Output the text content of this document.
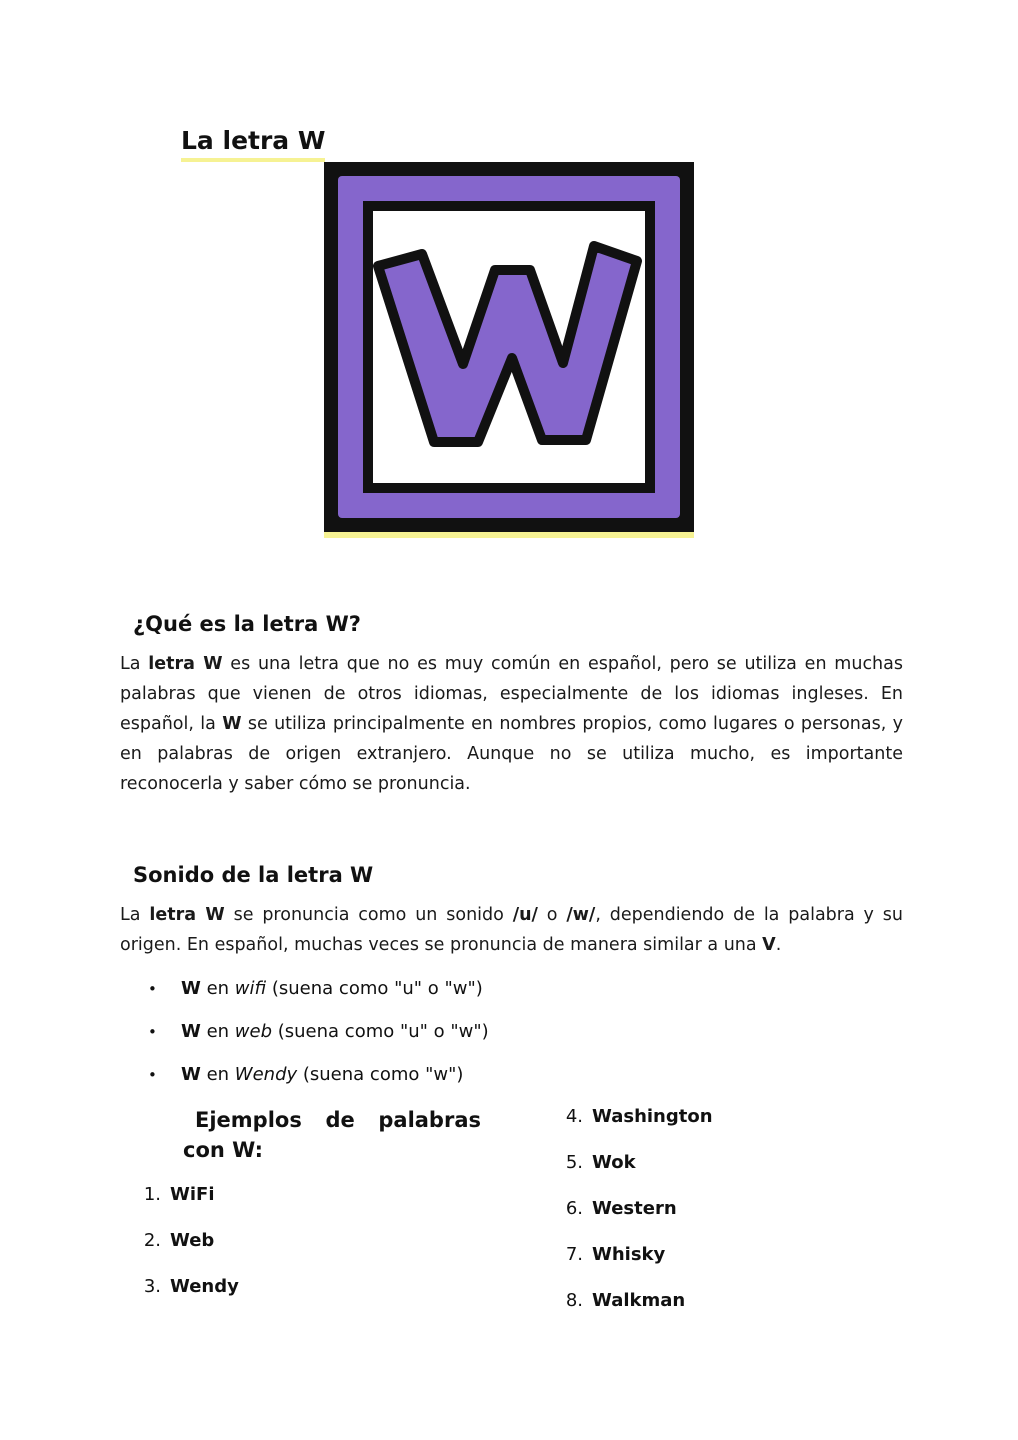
La letra W
¿Qué es la letra W?

La letra W es una letra que no es muy común en español, pero se utiliza en muchas palabras que vienen de otros idiomas, especialmente de los idiomas ingleses. En español, la W se utiliza principalmente en nombres propios, como lugares o personas, y en palabras de origen extranjero. Aunque no se utiliza mucho, es importante reconocerla y saber cómo se pronuncia.

Sonido de la letra W

La letra W se pronuncia como un sonido /u/ o /w/, dependiendo de la palabra y su origen. En español, muchas veces se pronuncia de manera similar a una V.

• W en wifi (suena como "u" o "w")
• W en web (suena como "u" o "w")
• W en Wendy (suena como "w")
Ejemplos de palabras
con W:
1. WiFi
2. Web
3. Wendy
4. Washington
5. Wok
6. Western
7. Whisky
8. Walkman
